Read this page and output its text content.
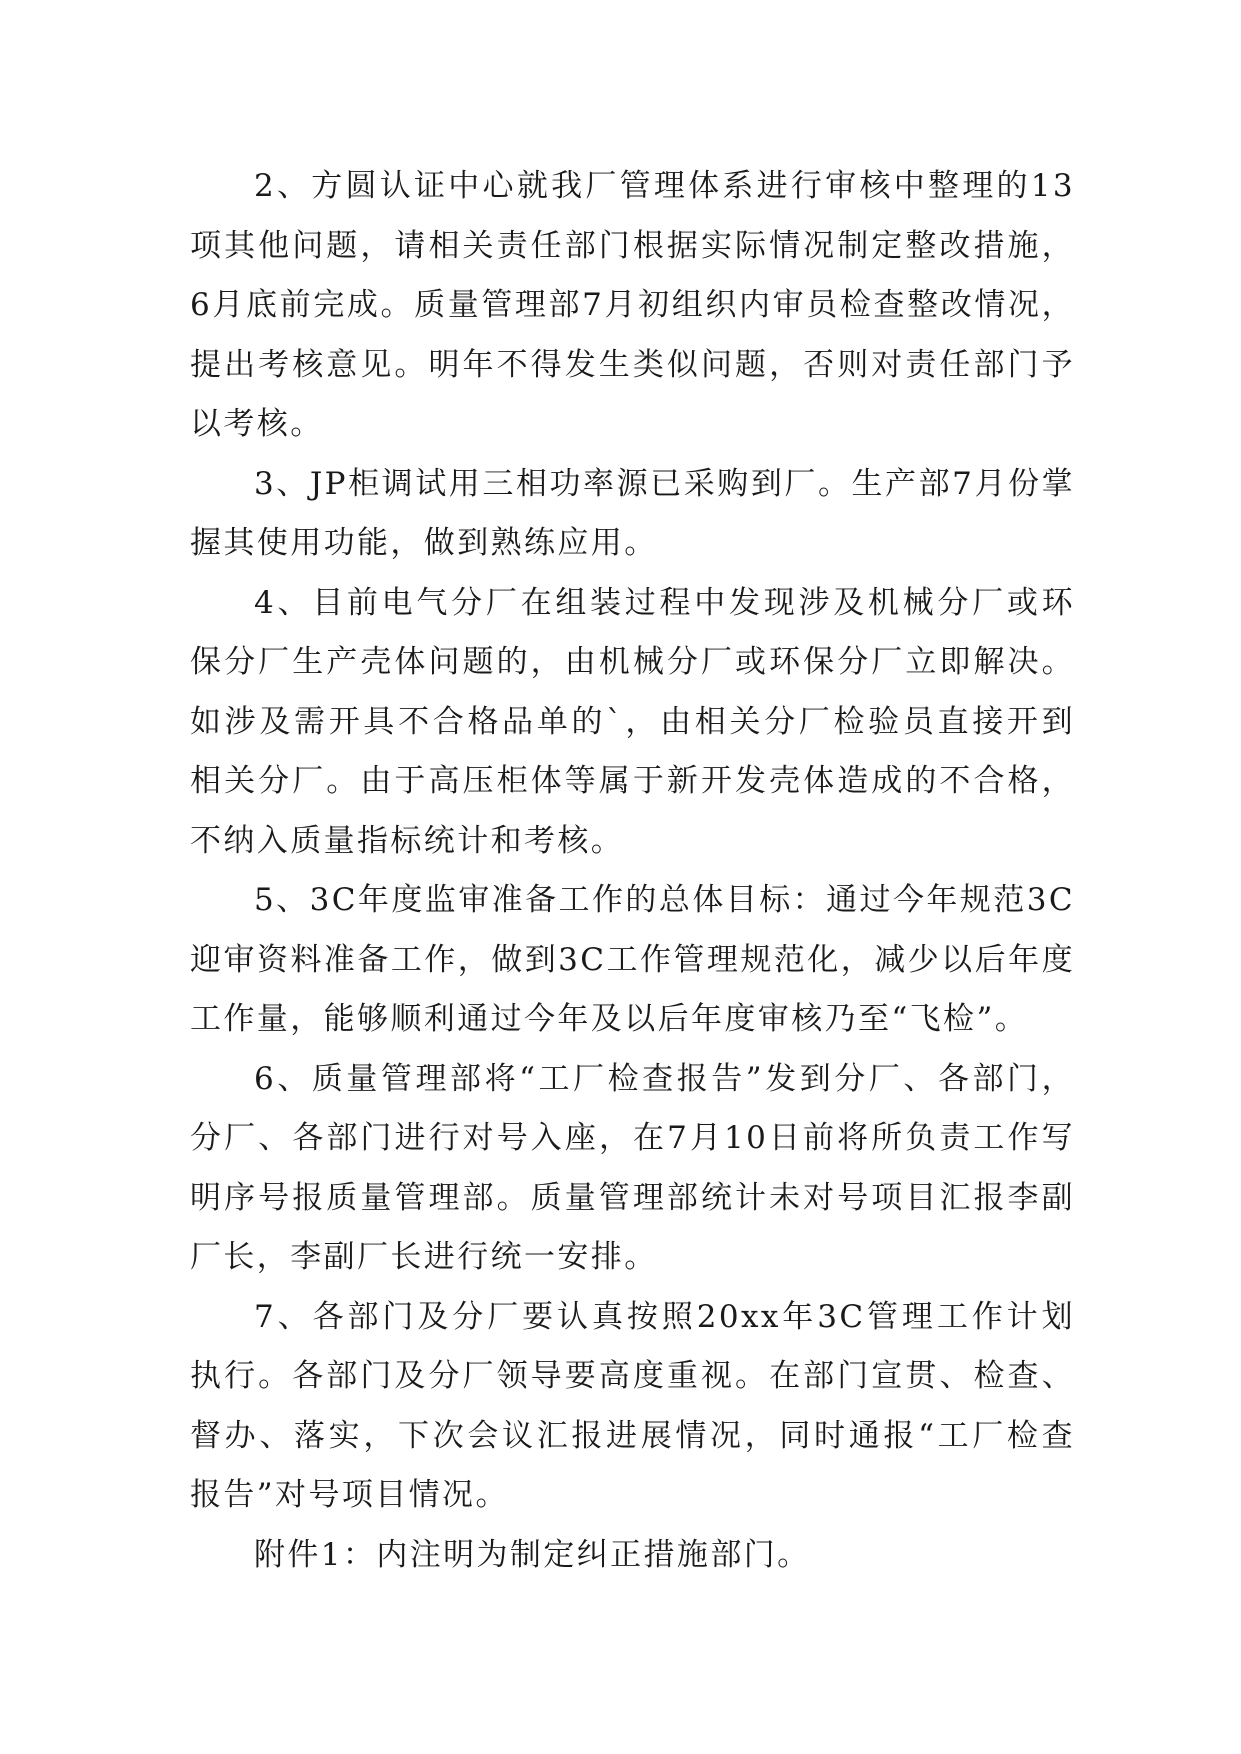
2、方圆认证中心就我厂管理体系进行审核中整理的13项其他问题，请相关责任部门根据实际情况制定整改措施，6月底前完成。质量管理部7月初组织内审员检查整改情况，提出考核意见。明年不得发生类似问题，否则对责任部门予以考核。

3、JP柜调试用三相功率源已采购到厂。生产部7月份掌握其使用功能，做到熟练应用。

4、目前电气分厂在组装过程中发现涉及机械分厂或环保分厂生产壳体问题的，由机械分厂或环保分厂立即解决。如涉及需开具不合格品单的`，由相关分厂检验员直接开到相关分厂。由于高压柜体等属于新开发壳体造成的不合格，不纳入质量指标统计和考核。

5、3C年度监审准备工作的总体目标：通过今年规范3C迎审资料准备工作，做到3C工作管理规范化，减少以后年度工作量，能够顺利通过今年及以后年度审核乃至“飞检”。

6、质量管理部将“工厂检查报告”发到分厂、各部门，分厂、各部门进行对号入座，在7月10日前将所负责工作写明序号报质量管理部。质量管理部统计未对号项目汇报李副厂长，李副厂长进行统一安排。

7、各部门及分厂要认真按照20xx年3C管理工作计划执行。各部门及分厂领导要高度重视。在部门宣贯、检查、督办、落实，下次会议汇报进展情况，同时通报“工厂检查报告”对号项目情况。

附件1：内注明为制定纠正措施部门。
